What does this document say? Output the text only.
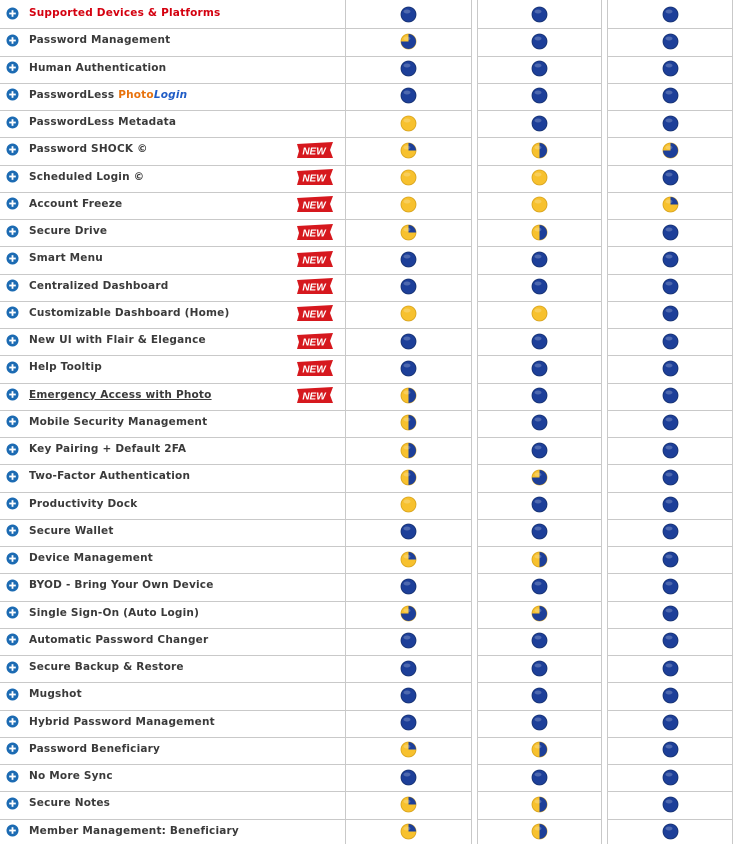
Supported Devices & Platforms
Password Management
Human Authentication
PasswordLess PhotoLogin
PasswordLess Metadata
Password SHOCK ©	NEW
Scheduled Login ©	NEW
Account Freeze	NEW
Secure Drive	NEW
Smart Menu	NEW
Centralized Dashboard	NEW
Customizable Dashboard (Home)	NEW
New UI with Flair & Elegance	NEW
Help Tooltip	NEW
Emergency Access with Photo	NEW
Mobile Security Management
Key Pairing + Default 2FA
Two-Factor Authentication
Productivity Dock
Secure Wallet
Device Management
BYOD - Bring Your Own Device
Single Sign-On (Auto Login)
Automatic Password Changer
Secure Backup & Restore
Mugshot
Hybrid Password Management
Password Beneficiary
No More Sync
Secure Notes
Member Management: Beneficiary
